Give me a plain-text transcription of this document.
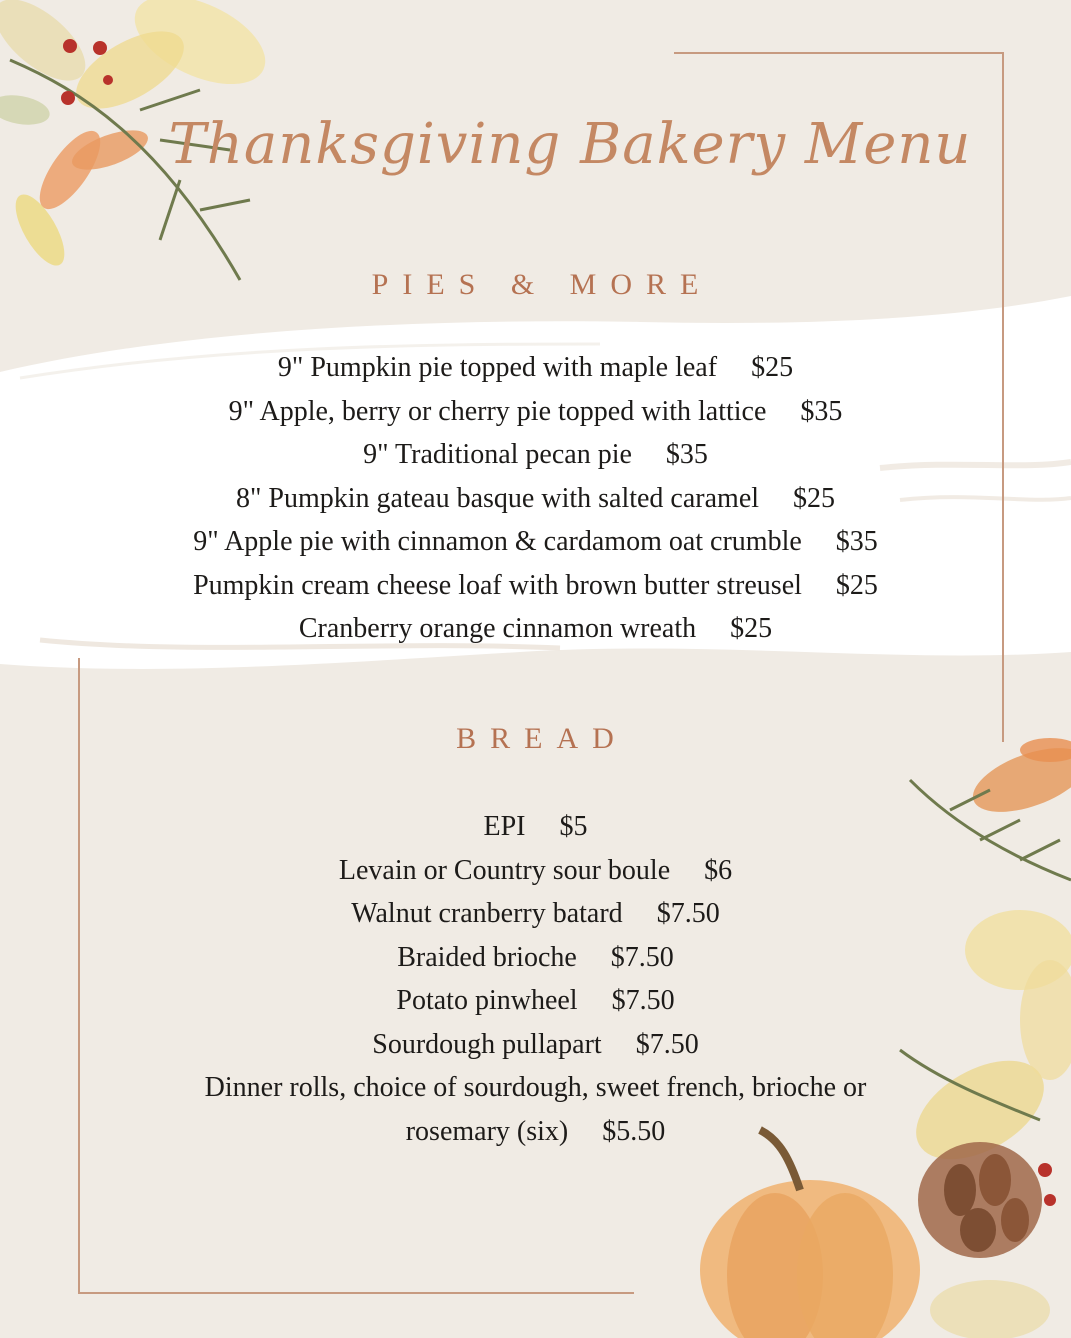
Thanksgiving Bakery Menu
PIES & MORE
9" Pumpkin pie topped with maple leaf $25
9" Apple, berry or cherry pie topped with lattice $35
9" Traditional pecan pie $35
8" Pumpkin gateau basque with salted caramel $25
9" Apple pie with cinnamon & cardamom oat crumble $35
Pumpkin cream cheese loaf with brown butter streusel $25
Cranberry orange cinnamon wreath $25
BREAD
EPI $5
Levain or Country sour boule $6
Walnut cranberry batard $7.50
Braided brioche $7.50
Potato pinwheel $7.50
Sourdough pullapart $7.50
Dinner rolls, choice of sourdough, sweet french, brioche or
rosemary (six) $5.50
